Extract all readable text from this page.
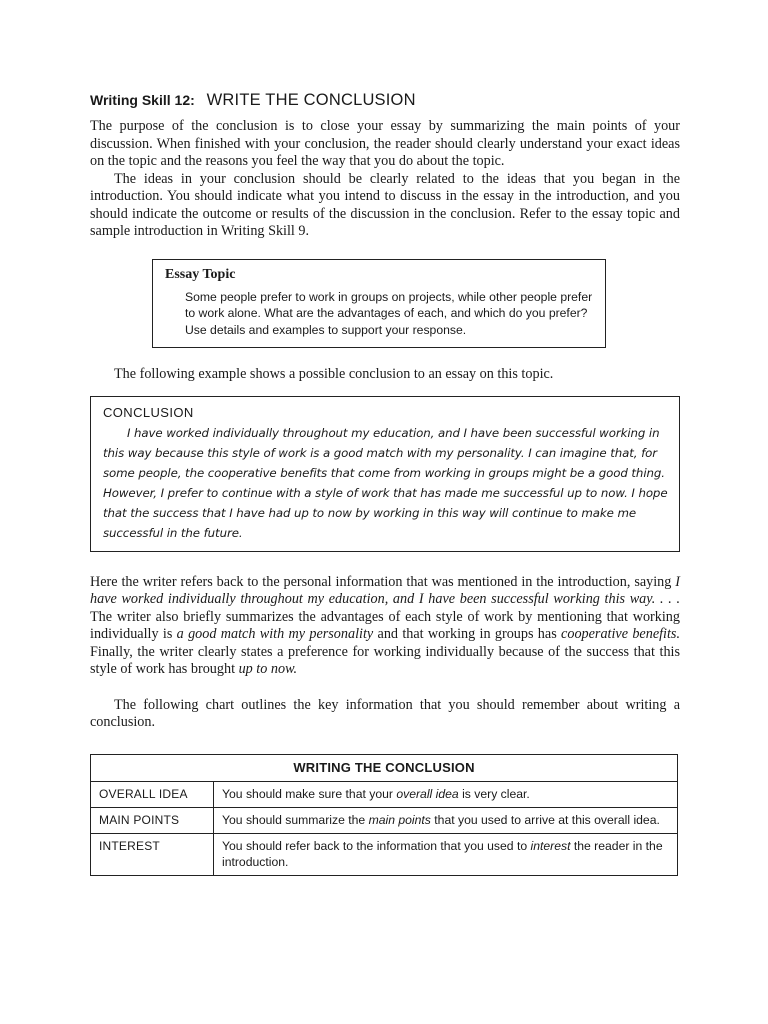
Writing Skill 12: WRITE THE CONCLUSION

The purpose of the conclusion is to close your essay by summarizing the main points of your discussion. When finished with your conclusion, the reader should clearly understand your exact ideas on the topic and the reasons you feel the way that you do about the topic.

The ideas in your conclusion should be clearly related to the ideas that you began in the introduction. You should indicate what you intend to discuss in the essay in the introduction, and you should indicate the outcome or results of the discussion in the conclusion. Refer to the essay topic and sample introduction in Writing Skill 9.

Essay Topic

Some people prefer to work in groups on projects, while other people prefer to work alone. What are the advantages of each, and which do you prefer? Use details and examples to support your response.

The following example shows a possible conclusion to an essay on this topic.

CONCLUSION

I have worked individually throughout my education, and I have been successful working in this way because this style of work is a good match with my personality. I can imagine that, for some people, the cooperative benefits that come from working in groups might be a good thing. However, I prefer to continue with a style of work that has made me successful up to now. I hope that the success that I have had up to now by working in this way will continue to make me successful in the future.

Here the writer refers back to the personal information that was mentioned in the introduction, saying I have worked individually throughout my education, and I have been successful working this way. . . . The writer also briefly summarizes the advantages of each style of work by mentioning that working individually is a good match with my personality and that working in groups has cooperative benefits. Finally, the writer clearly states a preference for working individually because of the success that this style of work has brought up to now.

The following chart outlines the key information that you should remember about writing a conclusion.

WRITING THE CONCLUSION	
OVERALL IDEA	You should make sure that your overall idea is very clear.
MAIN POINTS	You should summarize the main points that you used to arrive at this overall idea.
INTEREST	You should refer back to the information that you used to interest the reader in the introduction.
